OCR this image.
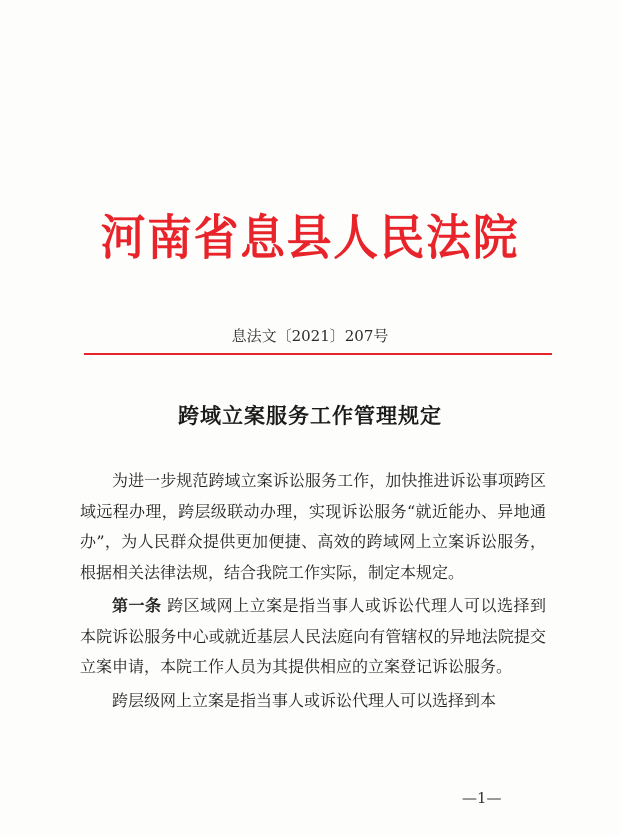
河南省息县人民法院
息法文〔2021〕207号
跨域立案服务工作管理规定

为进一步规范跨域立案诉讼服务工作，加快推进诉讼事项跨区域远程办理，跨层级联动办理，实现诉讼服务“就近能办、异地通办”，为人民群众提供更加便捷、高效的跨域网上立案诉讼服务，根据相关法律法规，结合我院工作实际，制定本规定。

第一条 跨区域网上立案是指当事人或诉讼代理人可以选择到本院诉讼服务中心或就近基层人民法庭向有管辖权的异地法院提交立案申请，本院工作人员为其提供相应的立案登记诉讼服务。

跨层级网上立案是指当事人或诉讼代理人可以选择到本

—1—
